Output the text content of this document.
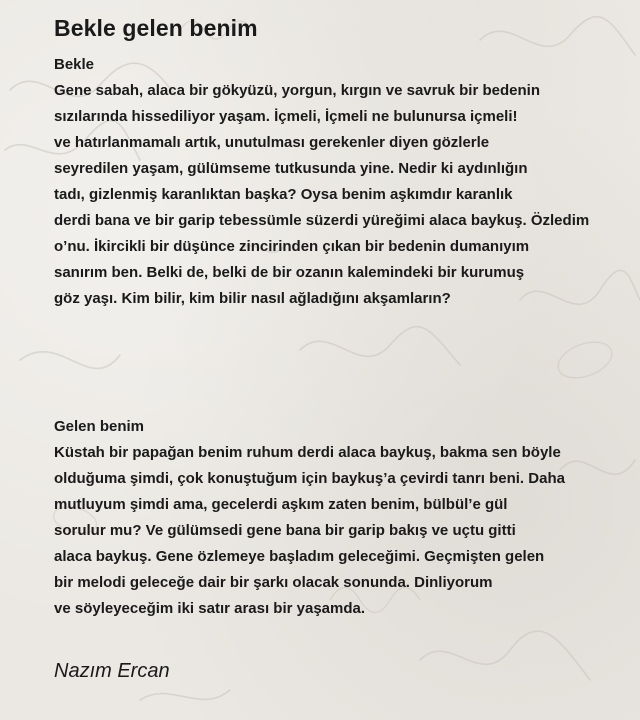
Bekle gelen benim
Bekle
Gene sabah, alaca bir gökyüzü, yorgun, kırgın ve savruk bir bedenin
sızılarında hissediliyor yaşam. İçmeli, İçmeli ne bulunursa içmeli!
ve hatırlanmamalı artık, unutulması gerekenler diyen gözlerle
seyredilen yaşam, gülümseme tutkusunda yine. Nedir ki aydınlığın
tadı, gizlenmiş karanlıktan başka? Oysa benim aşkımdır karanlık
derdi bana ve bir garip tebessümle süzerdi yüreğimi alaca baykuş. Özledim
o’nu. İkircikli bir düşünce zincirinden çıkan bir bedenin dumanıyım
sanırım ben. Belki de, belki de bir ozanın kalemindeki bir kurumuş
göz yaşı. Kim bilir, kim bilir nasıl ağladığını akşamların?
Gelen benim
Küstah bir papağan benim ruhum derdi alaca baykuş, bakma sen böyle
olduğuma şimdi, çok konuştuğum için baykuş’a çevirdi tanrı beni. Daha
mutluyum şimdi ama, gecelerdi aşkım zaten benim, bülbül’e gül
sorulur mu? Ve gülümsedi gene bana bir garip bakış ve uçtu gitti
alaca baykuş. Gene özlemeye başladım geleceğimi. Geçmişten gelen
bir melodi geleceğe dair bir şarkı olacak sonunda. Dinliyorum
ve söyleyeceğim iki satır arası bir yaşamda.
Nazım Ercan
